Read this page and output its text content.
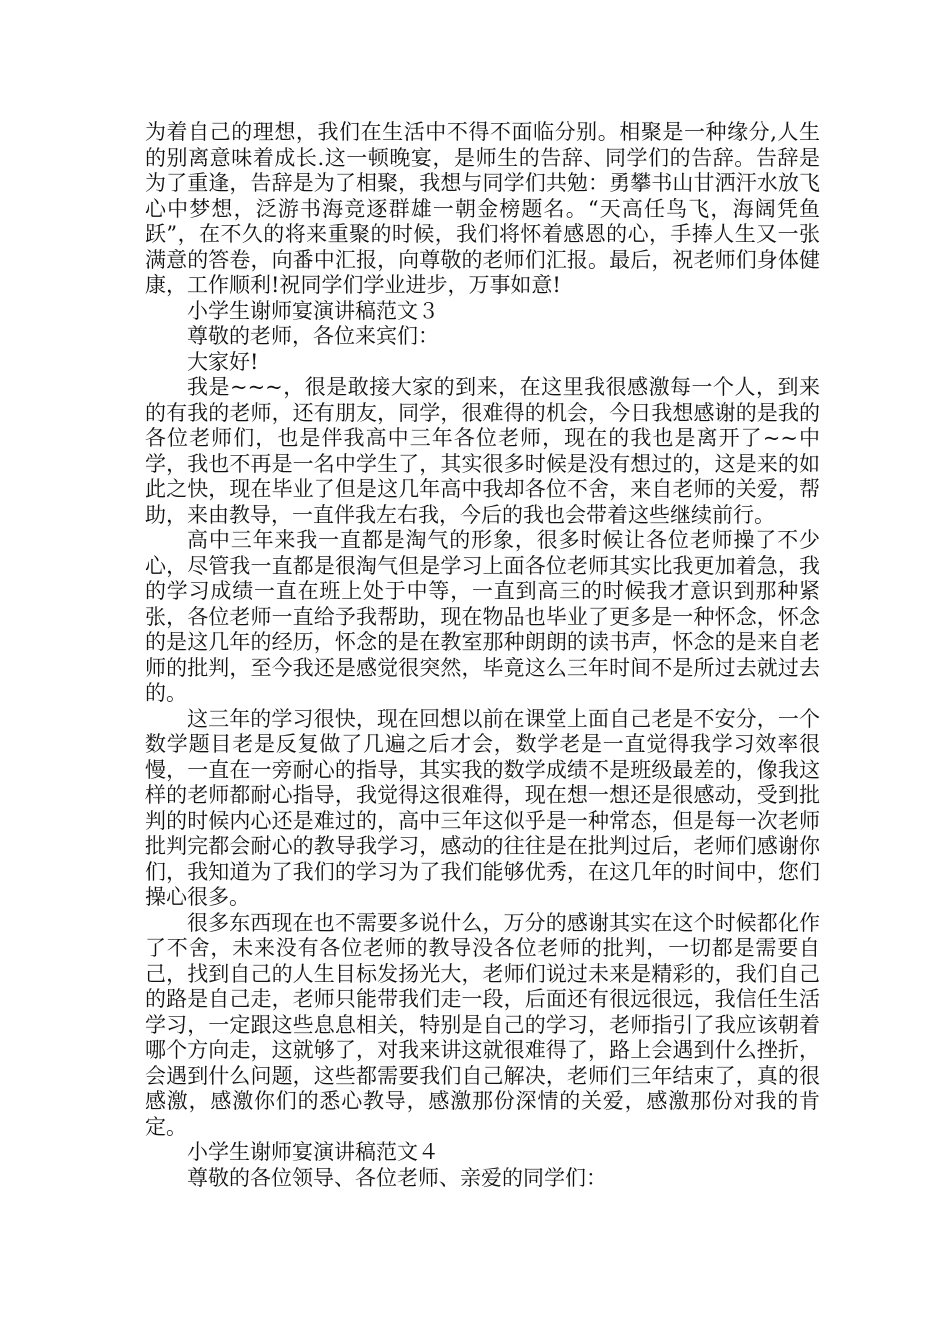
为着自己的理想，我们在生活中不得不面临分别。相聚是一种缘分,人生的别离意味着成长.这一顿晚宴，是师生的告辞、同学们的告辞。告辞是为了重逢，告辞是为了相聚，我想与同学们共勉：勇攀书山甘洒汗水放飞心中梦想，泛游书海竞逐群雄一朝金榜题名。“天高任鸟飞，海阔凭鱼跃”，在不久的将来重聚的时候，我们将怀着感恩的心，手捧人生又一张满意的答卷，向番中汇报，向尊敬的老师们汇报。最后，祝老师们身体健康，工作顺利!祝同学们学业进步，万事如意!

小学生谢师宴演讲稿范文３

尊敬的老师，各位来宾们：

大家好!

我是~~~，很是敢接大家的到来，在这里我很感激每一个人，到来的有我的老师，还有朋友，同学，很难得的机会，今日我想感谢的是我的各位老师们，也是伴我高中三年各位老师，现在的我也是离开了~~中学，我也不再是一名中学生了，其实很多时候是没有想过的，这是来的如此之快，现在毕业了但是这几年高中我却各位不舍，来自老师的关爱，帮助，来由教导，一直伴我左右我，今后的我也会带着这些继续前行。

高中三年来我一直都是淘气的形象，很多时候让各位老师操了不少心，尽管我一直都是很淘气但是学习上面各位老师其实比我更加着急，我的学习成绩一直在班上处于中等，一直到高三的时候我才意识到那种紧张，各位老师一直给予我帮助，现在物品也毕业了更多是一种怀念，怀念的是这几年的经历，怀念的是在教室那种朗朗的读书声，怀念的是来自老师的批判，至今我还是感觉很突然，毕竟这么三年时间不是所过去就过去的。

这三年的学习很快，现在回想以前在课堂上面自己老是不安分，一个数学题目老是反复做了几遍之后才会，数学老是一直觉得我学习效率很慢，一直在一旁耐心的指导，其实我的数学成绩不是班级最差的，像我这样的老师都耐心指导，我觉得这很难得，现在想一想还是很感动，受到批判的时候内心还是难过的，高中三年这似乎是一种常态，但是每一次老师批判完都会耐心的教导我学习，感动的往往是在批判过后，老师们感谢你们，我知道为了我们的学习为了我们能够优秀，在这几年的时间中，您们操心很多。

很多东西现在也不需要多说什么，万分的感谢其实在这个时候都化作了不舍，未来没有各位老师的教导没各位老师的批判，一切都是需要自己，找到自己的人生目标发扬光大，老师们说过未来是精彩的，我们自己的路是自己走，老师只能带我们走一段，后面还有很远很远，我信任生活学习，一定跟这些息息相关，特别是自己的学习，老师指引了我应该朝着哪个方向走，这就够了，对我来讲这就很难得了，路上会遇到什么挫折，会遇到什么问题，这些都需要我们自己解决，老师们三年结束了，真的很感激，感激你们的悉心教导，感激那份深情的关爱，感激那份对我的肯定。

小学生谢师宴演讲稿范文４

尊敬的各位领导、各位老师、亲爱的同学们：
